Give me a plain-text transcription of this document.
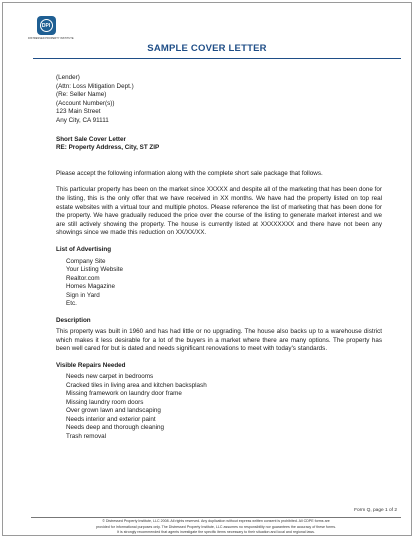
DPI
DISTRESSED PROPERTY INSTITUTE
SAMPLE COVER LETTER
(Lender)
(Attn: Loss Mitigation Dept.)
(Re: Seller Name)
(Account Number(s))
123 Main Street
Any City, CA 91111
Short Sale Cover Letter
RE: Property Address, City, ST ZIP

Please accept the following information along with the complete short sale package that follows.

This particular property has been on the market since XXXXX and despite all of the marketing that has been done for the listing, this is the only offer that we have received in XX months. We have had the property listed on top real estate websites with a virtual tour and multiple photos. Please reference the list of marketing that has been done for the property. We have gradually reduced the price over the course of the listing to generate market interest and we are still actively showing the property. The house is currently listed at XXXXXXXX and there have not been any showings since we made this reduction on XX/XX/XX.

List of Advertising
Company Site
Your Listing Website
Realtor.com
Homes Magazine
Sign in Yard
Etc.
Description

This property was built in 1960 and has had little or no upgrading. The house also backs up to a warehouse district which makes it less desirable for a lot of the buyers in a market where there are many options. The property has been well cared for but is dated and needs significant renovations to meet with today's standards.

Visible Repairs Needed
Needs new carpet in bedrooms
Cracked tiles in living area and kitchen backsplash
Missing framework on laundry door frame
Missing laundry room doors
Over grown lawn and landscaping
Needs interior and exterior paint
Needs deep and thorough cleaning
Trash removal
Form Q, page 1 of 2
© Distressed Property Institute, LLC 2008. All rights reserved. Any duplication without express written consent is prohibited. All CDPE forms are
provided for informational purposes only. The Distressed Property Institute, LLC assumes no responsibility nor guarantees the accuracy of these forms.
It is strongly recommended that agents investigate the specific items necessary to their situation and local and regional laws.
